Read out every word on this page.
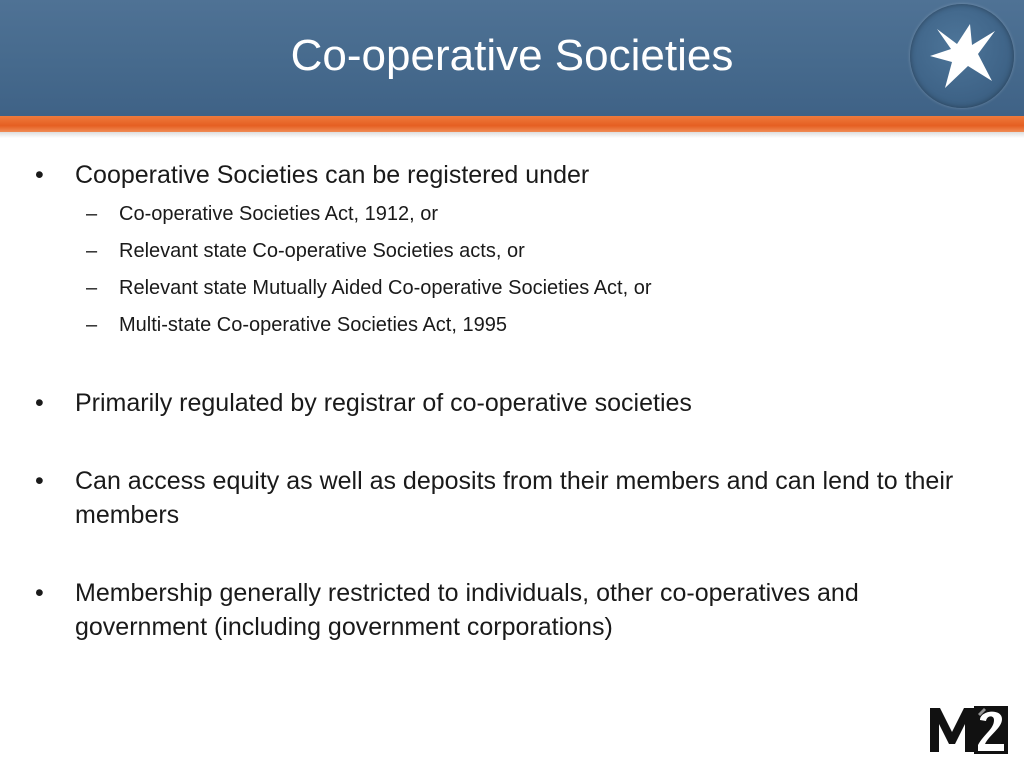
Co-operative Societies
• Cooperative Societies can be registered under
– Co-operative Societies Act, 1912, or
– Relevant state Co-operative Societies acts, or
– Relevant state Mutually Aided Co-operative Societies Act, or
– Multi-state Co-operative Societies Act, 1995
• Primarily regulated by registrar of co-operative societies
• Can access equity as well as deposits from their members and can lend to their members
• Membership generally restricted to individuals, other co-operatives and government (including government corporations)
